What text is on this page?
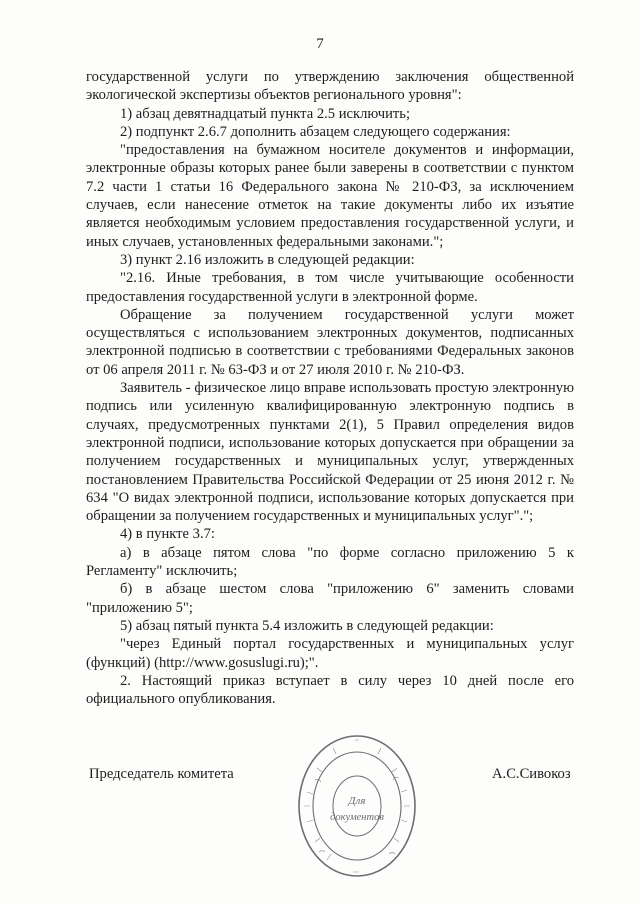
7

государственной услуги по утверждению заключения общественной экологической экспертизы объектов регионального уровня":

1) абзац девятнадцатый пункта 2.5 исключить;

2) подпункт 2.6.7 дополнить абзацем следующего содержания:

"предоставления на бумажном носителе документов и информации, электронные образы которых ранее были заверены в соответствии с пунктом 7.2 части 1 статьи 16 Федерального закона № 210-ФЗ, за исключением случаев, если нанесение отметок на такие документы либо их изъятие является необходимым условием предоставления государственной услуги, и иных случаев, установленных федеральными законами.";

3) пункт 2.16 изложить в следующей редакции:

"2.16. Иные требования, в том числе учитывающие особенности предоставления государственной услуги в электронной форме.

Обращение за получением государственной услуги может осуществляться с использованием электронных документов, подписанных электронной подписью в соответствии с требованиями Федеральных законов от 06 апреля 2011 г. № 63-ФЗ и от 27 июля 2010 г. № 210-ФЗ.

Заявитель - физическое лицо вправе использовать простую электронную подпись или усиленную квалифицированную электронную подпись в случаях, предусмотренных пунктами 2(1), 5 Правил определения видов электронной подписи, использование которых допускается при обращении за получением государственных и муниципальных услуг, утвержденных постановлением Правительства Российской Федерации от 25 июня 2012 г. № 634 "О видах электронной подписи, использование которых допускается при обращении за получением государственных и муниципальных услуг".";

4) в пункте 3.7:

а) в абзаце пятом слова "по форме согласно приложению 5 к Регламенту" исключить;

б) в абзаце шестом слова "приложению 6" заменить словами "приложению 5";

5) абзац пятый пункта 5.4 изложить в следующей редакции:

"через Единый портал государственных и муниципальных услуг (функций) (http://www.gosuslugi.ru);".

2. Настоящий приказ вступает в силу через 10 дней после его официального опубликования.

Председатель комитета	А.С.Сивокоз
Для
документов
